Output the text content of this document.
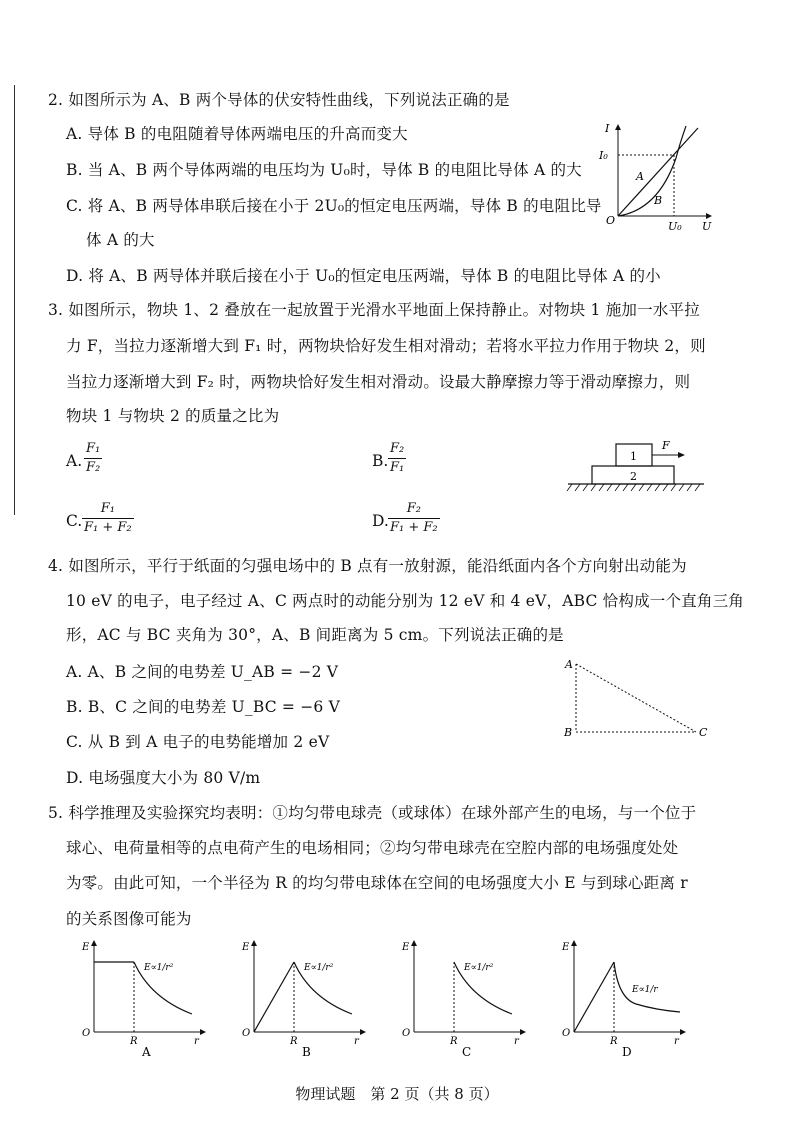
2. 如图所示为 A、B 两个导体的伏安特性曲线，下列说法正确的是
A. 导体 B 的电阻随着导体两端电压的升高而变大
B. 当 A、B 两个导体两端的电压均为 U₀时，导体 B 的电阻比导体 A 的大
C. 将 A、B 两导体串联后接在小于 2U₀的恒定电压两端，导体 B 的电阻比导
体 A 的大
D. 将 A、B 两导体并联后接在小于 U₀的恒定电压两端，导体 B 的电阻比导体 A 的小
I
I₀
O	U₀ U
A
B
3. 如图所示，物块 1、2 叠放在一起放置于光滑水平地面上保持静止。对物块 1 施加一水平拉
力 F，当拉力逐渐增大到 F₁ 时，两物块恰好发生相对滑动；若将水平拉力作用于物块 2，则
当拉力逐渐增大到 F₂ 时，两物块恰好发生相对滑动。设最大静摩擦力等于滑动摩擦力，则
物块 1 与物块 2 的质量之比为
A.
F₁
F₂	B.
F₂
F₁
C.
F₁
F₁ + F₂	D.
F₂
F₁ + F₂
1
2
F
4. 如图所示，平行于纸面的匀强电场中的 B 点有一放射源，能沿纸面内各个方向射出动能为
10 eV 的电子，电子经过 A、C 两点时的动能分别为 12 eV 和 4 eV，ABC 恰构成一个直角三角
形，AC 与 BC 夹角为 30°，A、B 间距离为 5 cm。下列说法正确的是
A. A、B 之间的电势差 U_AB = −2 V
B. B、C 之间的电势差 U_BC = −6 V
C. 从 B 到 A 电子的电势能增加 2 eV
D. 电场强度大小为 80 V/m
A
B	C
5. 科学推理及实验探究均表明：①均匀带电球壳（或球体）在球外部产生的电场，与一个位于
球心、电荷量相等的点电荷产生的电场相同；②均匀带电球壳在空腔内部的电场强度处处
为零。由此可知，一个半径为 R 的均匀带电球体在空间的电场强度大小 E 与到球心距离 r
的关系图像可能为
E
O
R	r
E∝1/r²
A
E
O
R	r
E∝1/r²
B
E
O
R	r
E∝1/r²
C
E
O
R	r
E∝1/r
D
物理试题　第 2 页（共 8 页）
